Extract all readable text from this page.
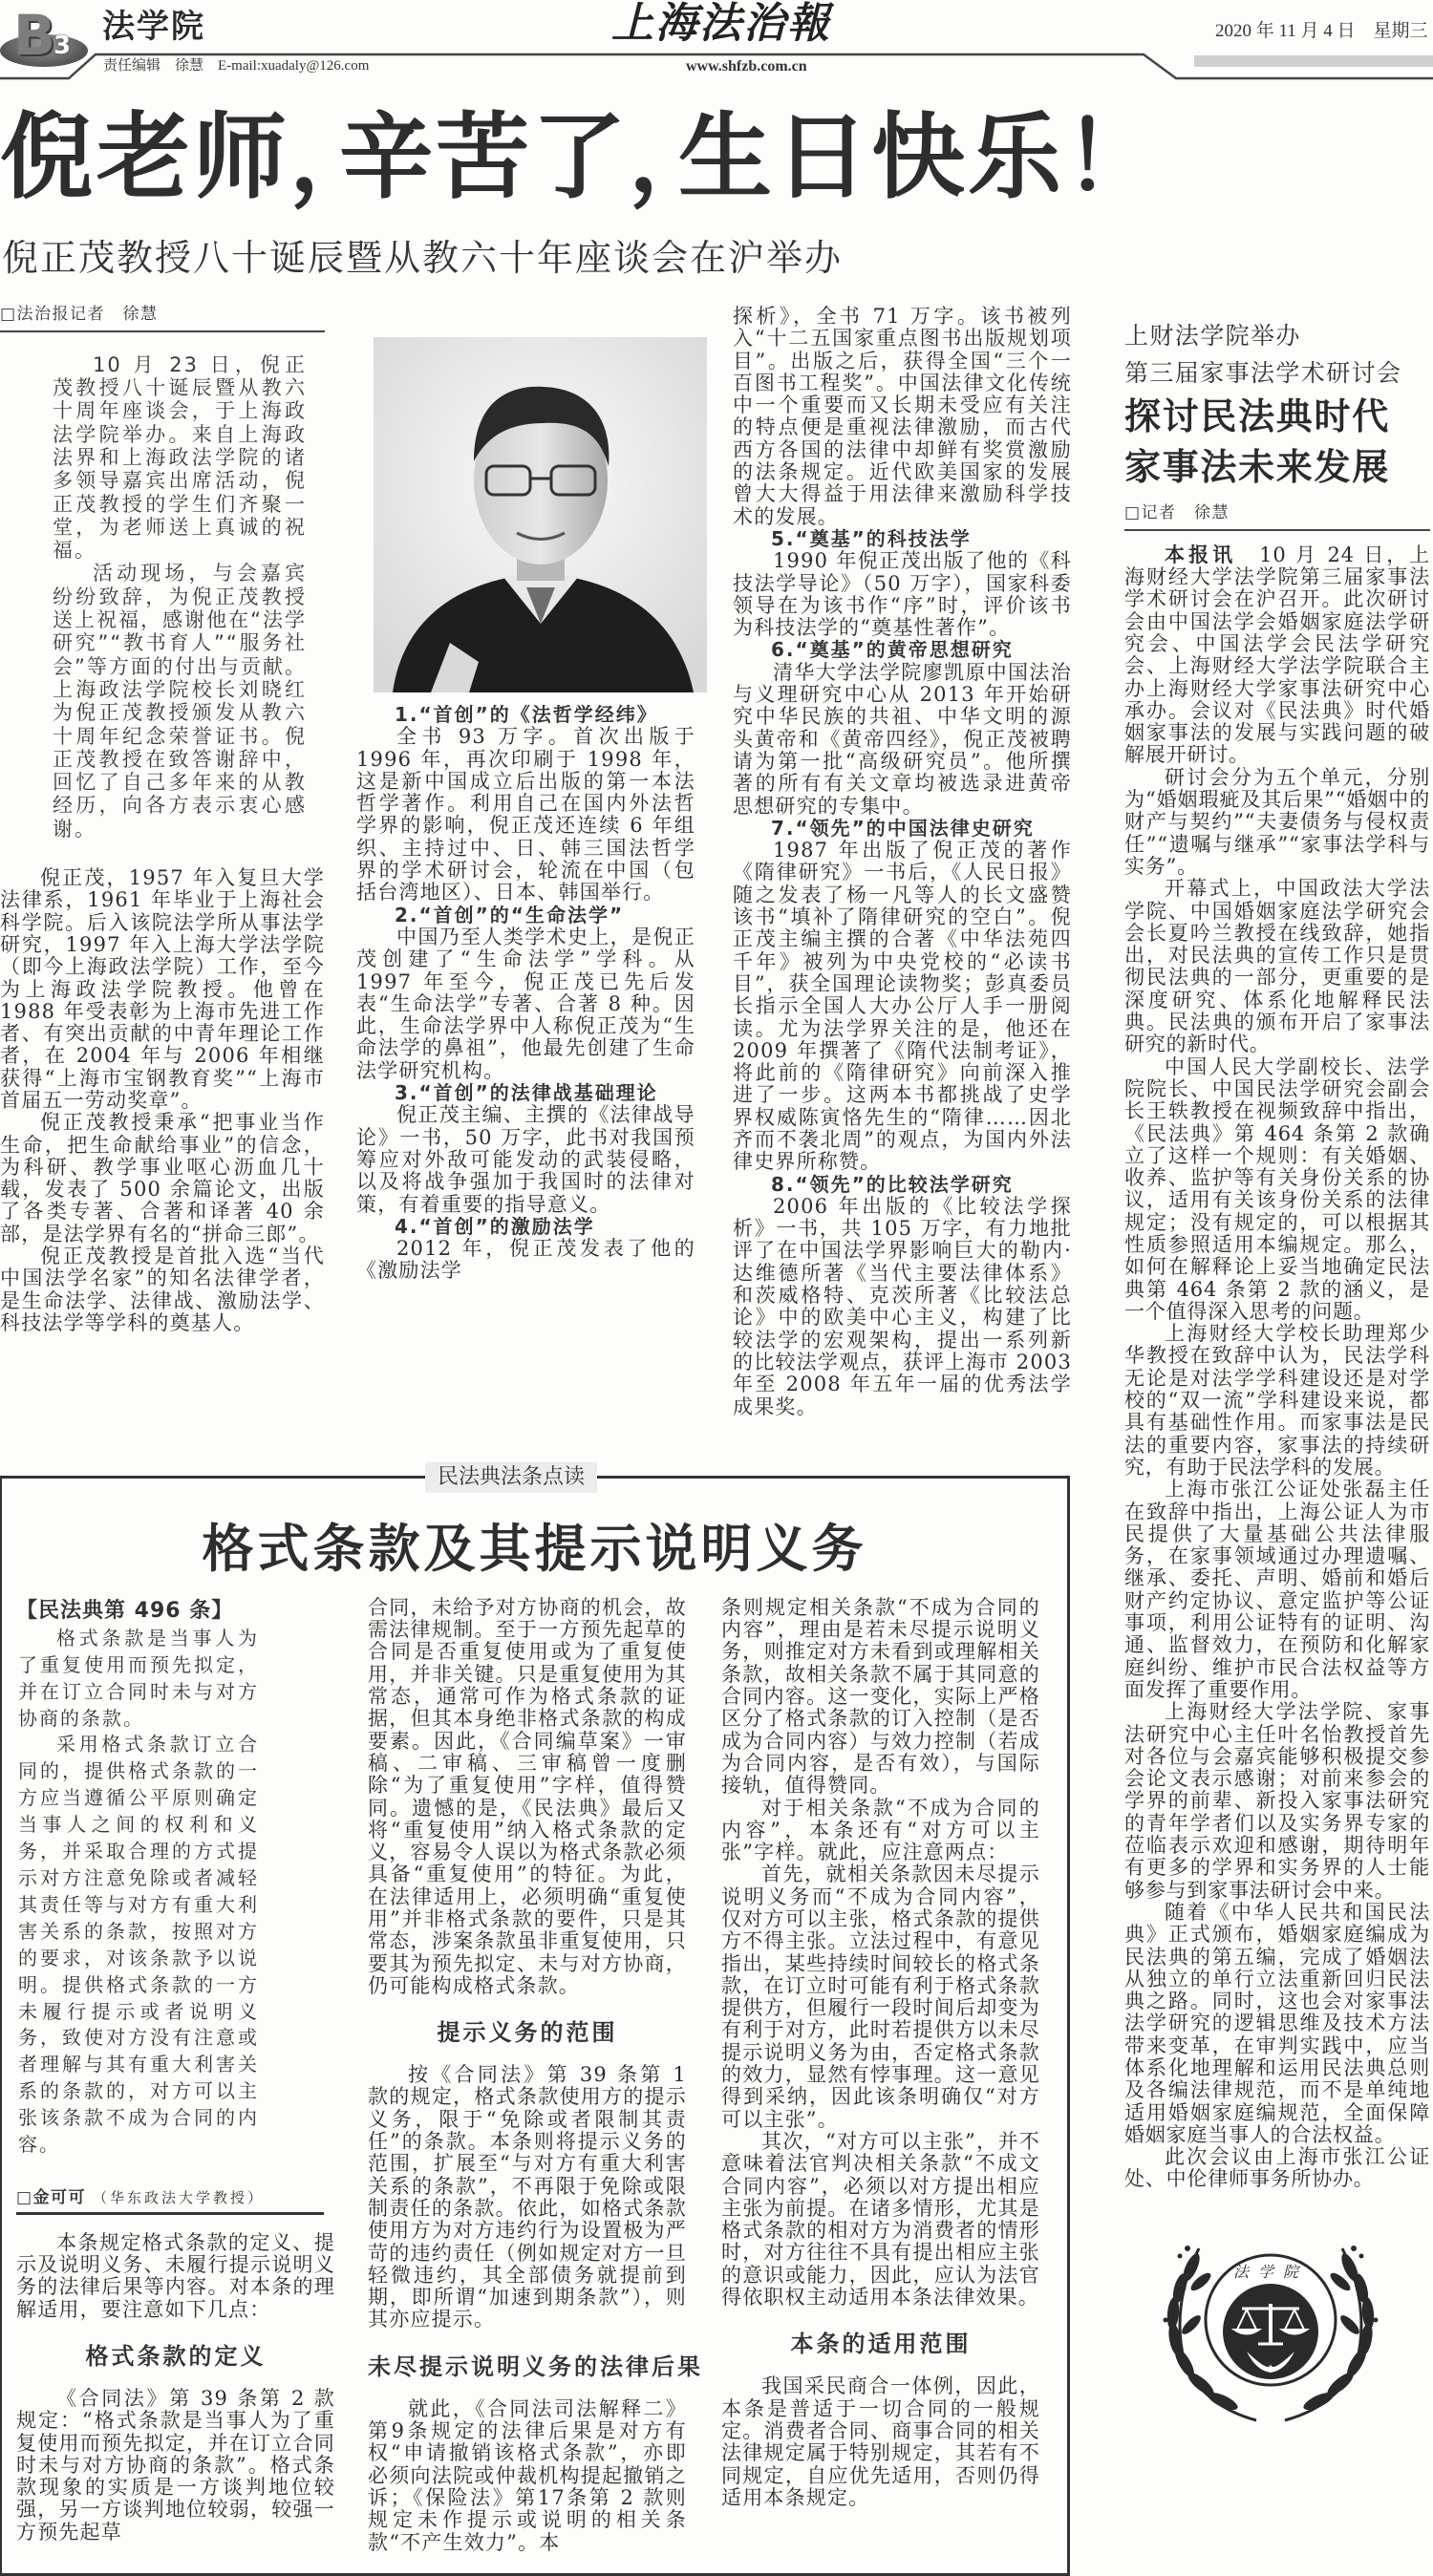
B
3 法学院	上海法治報	2020 年 11 月 4 日　星期三
责任编辑　徐慧　E-mail:xuadaly@126.com	www.shfzb.com.cn
倪老师，辛苦了，生日快乐！
倪正茂教授八十诞辰暨从教六十年座谈会在沪举办
□法治报记者　徐慧

10 月 23 日，倪正茂教授八十诞辰暨从教六十周年座谈会，于上海政法学院举办。来自上海政法界和上海政法学院的诸多领导嘉宾出席活动，倪正茂教授的学生们齐聚一堂，为老师送上真诚的祝福。

活动现场，与会嘉宾纷纷致辞，为倪正茂教授送上祝福，感谢他在“法学研究”“教书育人”“服务社会”等方面的付出与贡献。上海政法学院校长刘晓红为倪正茂教授颁发从教六十周年纪念荣誉证书。倪正茂教授在致答谢辞中，回忆了自己多年来的从教经历，向各方表示衷心感谢。

倪正茂，1957 年入复旦大学法律系，1961 年毕业于上海社会科学院。后入该院法学所从事法学研究，1997 年入上海大学法学院（即今上海政法学院）工作，至今为上海政法学院教授。他曾在 1988 年受表彰为上海市先进工作者、有突出贡献的中青年理论工作者，在 2004 年与 2006 年相继获得“上海市宝钢教育奖”“上海市首届五一劳动奖章”。

倪正茂教授秉承“把事业当作生命，把生命献给事业”的信念，为科研、教学事业呕心沥血几十载，发表了 500 余篇论文，出版了各类专著、合著和译著 40 余部，是法学界有名的“拼命三郎”。

倪正茂教授是首批入选“当代中国法学名家”的知名法律学者，是生命法学、法律战、激励法学、科技法学等学科的奠基人。

1.“首创”的《法哲学经纬》

全书 93 万字。首次出版于 1996 年，再次印刷于 1998 年，这是新中国成立后出版的第一本法哲学著作。利用自己在国内外法哲学界的影响，倪正茂还连续 6 年组织、主持过中、日、韩三国法哲学界的学术研讨会，轮流在中国（包括台湾地区）、日本、韩国举行。

2.“首创”的“生命法学”

中国乃至人类学术史上，是倪正茂创建了“生命法学”学科。从 1997 年至今，倪正茂已先后发表“生命法学”专著、合著 8 种。因此，生命法学界中人称倪正茂为“生命法学的鼻祖”，他最先创建了生命法学研究机构。

3.“首创”的法律战基础理论

倪正茂主编、主撰的《法律战导论》一书，50 万字，此书对我国预筹应对外敌可能发动的武装侵略，以及将战争强加于我国时的法律对策，有着重要的指导意义。

4.“首创”的激励法学

2012 年，倪正茂发表了他的《激励法学

探析》，全书 71 万字。该书被列入“十二五国家重点图书出版规划项目”。出版之后，获得全国“三个一百图书工程奖”。中国法律文化传统中一个重要而又长期未受应有关注的特点便是重视法律激励，而古代西方各国的法律中却鲜有奖赏激励的法条规定。近代欧美国家的发展曾大大得益于用法律来激励科学技术的发展。

5.“奠基”的科技法学

1990 年倪正茂出版了他的《科技法学导论》（50 万字），国家科委领导在为该书作“序”时，评价该书为科技法学的“奠基性著作”。

6.“奠基”的黄帝思想研究

清华大学法学院廖凯原中国法治与义理研究中心从 2013 年开始研究中华民族的共祖、中华文明的源头黄帝和《黄帝四经》，倪正茂被聘请为第一批“高级研究员”。他所撰著的所有有关文章均被选录进黄帝思想研究的专集中。

7.“领先”的中国法律史研究

1987 年出版了倪正茂的著作《隋律研究》一书后，《人民日报》随之发表了杨一凡等人的长文盛赞该书“填补了隋律研究的空白”。倪正茂主编主撰的合著《中华法苑四千年》被列为中央党校的“必读书目”，获全国理论读物奖；彭真委员长指示全国人大办公厅人手一册阅读。尤为法学界关注的是，他还在 2009 年撰著了《隋代法制考证》，将此前的《隋律研究》向前深入推进了一步。这两本书都挑战了史学界权威陈寅恪先生的“隋律……因北齐而不袭北周”的观点，为国内外法律史界所称赞。

8.“领先”的比较法学研究

2006 年出版的《比较法学探析》一书，共 105 万字，有力地批评了在中国法学界影响巨大的勒内·达维德所著《当代主要法律体系》和茨威格特、克茨所著《比较法总论》中的欧美中心主义，构建了比较法学的宏观架构，提出一系列新的比较法学观点，获评上海市 2003 年至 2008 年五年一届的优秀法学成果奖。

民法典法条点读
格式条款及其提示说明义务
【民法典第 496 条】

格式条款是当事人为了重复使用而预先拟定，并在订立合同时未与对方协商的条款。

采用格式条款订立合同的，提供格式条款的一方应当遵循公平原则确定当事人之间的权利和义务，并采取合理的方式提示对方注意免除或者减轻其责任等与对方有重大利害关系的条款，按照对方的要求，对该条款予以说明。提供格式条款的一方未履行提示或者说明义务，致使对方没有注意或者理解与其有重大利害关系的条款的，对方可以主张该条款不成为合同的内容。

□金可可 （华东政法大学教授）

本条规定格式条款的定义、提示及说明义务、未履行提示说明义务的法律后果等内容。对本条的理解适用，要注意如下几点：

格式条款的定义

《合同法》第 39 条第 2 款规定：“格式条款是当事人为了重复使用而预先拟定，并在订立合同时未与对方协商的条款”。格式条款现象的实质是一方谈判地位较强，另一方谈判地位较弱，较强一方预先起草

合同，未给予对方协商的机会，故需法律规制。至于一方预先起草的合同是否重复使用或为了重复使用，并非关键。只是重复使用为其常态，通常可作为格式条款的证据，但其本身绝非格式条款的构成要素。因此，《合同编草案》一审稿、二审稿、三审稿曾一度删除“为了重复使用”字样，值得赞同。遗憾的是，《民法典》最后又将“重复使用”纳入格式条款的定义，容易令人误以为格式条款必须具备“重复使用”的特征。为此，在法律适用上，必须明确“重复使用”并非格式条款的要件，只是其常态，涉案条款虽非重复使用，只要其为预先拟定、未与对方协商，仍可能构成格式条款。

提示义务的范围

按《合同法》第 39 条第 1 款的规定，格式条款使用方的提示义务，限于“免除或者限制其责任”的条款。本条则将提示义务的范围，扩展至“与对方有重大利害关系的条款”，不再限于免除或限制责任的条款。依此，如格式条款使用方为对方违约行为设置极为严苛的违约责任（例如规定对方一旦轻微违约，其全部债务就提前到期，即所谓“加速到期条款”），则其亦应提示。

未尽提示说明义务的法律后果

就此，《合同法司法解释二》第9条规定的法律后果是对方有权“申请撤销该格式条款”，亦即必须向法院或仲裁机构提起撤销之诉；《保险法》第17条第 2 款则规定未作提示或说明的相关条款“不产生效力”。本

条则规定相关条款“不成为合同的内容”，理由是若未尽提示说明义务，则推定对方未看到或理解相关条款，故相关条款不属于其同意的合同内容。这一变化，实际上严格区分了格式条款的订入控制（是否成为合同内容）与效力控制（若成为合同内容，是否有效），与国际接轨，值得赞同。

对于相关条款“不成为合同的内容”，本条还有“对方可以主张”字样。就此，应注意两点：

首先，就相关条款因未尽提示说明义务而“不成为合同内容”，仅对方可以主张，格式条款的提供方不得主张。立法过程中，有意见指出，某些持续时间较长的格式条款，在订立时可能有利于格式条款提供方，但履行一段时间后却变为有利于对方，此时若提供方以未尽提示说明义务为由，否定格式条款的效力，显然有悖事理。这一意见得到采纳，因此该条明确仅“对方可以主张”。

其次，“对方可以主张”，并不意味着法官判决相关条款“不成文合同内容”，必须以对方提出相应主张为前提。在诸多情形，尤其是格式条款的相对方为消费者的情形时，对方往往不具有提出相应主张的意识或能力，因此，应认为法官得依职权主动适用本条法律效果。

本条的适用范围

我国采民商合一体例，因此，本条是普适于一切合同的一般规定。消费者合同、商事合同的相关法律规定属于特别规定，其若有不同规定，自应优先适用，否则仍得适用本条规定。

上财法学院举办
第三届家事法学术研讨会
探讨民法典时代
家事法未来发展
□记者　徐慧

本报讯　 10 月 24 日，上海财经大学法学院第三届家事法学术研讨会在沪召开。此次研讨会由中国法学会婚姻家庭法学研究会、中国法学会民法学研究会、上海财经大学法学院联合主办上海财经大学家事法研究中心承办。会议对《民法典》时代婚姻家事法的发展与实践问题的破解展开研讨。

研讨会分为五个单元，分别为“婚姻瑕疵及其后果”“婚姻中的财产与契约”“夫妻债务与侵权责任”“遗嘱与继承”“家事法学科与实务”。

开幕式上，中国政法大学法学院、中国婚姻家庭法学研究会会长夏吟兰教授在线致辞，她指出，对民法典的宣传工作只是贯彻民法典的一部分，更重要的是深度研究、体系化地解释民法典。民法典的颁布开启了家事法研究的新时代。

中国人民大学副校长、法学院院长、中国民法学研究会副会长王轶教授在视频致辞中指出，《民法典》第 464 条第 2 款确立了这样一个规则：有关婚姻、收养、监护等有关身份关系的协议，适用有关该身份关系的法律规定；没有规定的，可以根据其性质参照适用本编规定。那么，如何在解释论上妥当地确定民法典第 464 条第 2 款的涵义，是一个值得深入思考的问题。

上海财经大学校长助理郑少华教授在致辞中认为，民法学科无论是对法学学科建设还是对学校的“双一流”学科建设来说，都具有基础性作用。而家事法是民法的重要内容，家事法的持续研究，有助于民法学科的发展。

上海市张江公证处张磊主任在致辞中指出，上海公证人为市民提供了大量基础公共法律服务，在家事领域通过办理遗嘱、继承、委托、声明、婚前和婚后财产约定协议、意定监护等公证事项，利用公证特有的证明、沟通、监督效力，在预防和化解家庭纠纷、维护市民合法权益等方面发挥了重要作用。

上海财经大学法学院、家事法研究中心主任叶名怡教授首先对各位与会嘉宾能够积极提交参会论文表示感谢；对前来参会的学界的前辈、新投入家事法研究的青年学者们以及实务界专家的莅临表示欢迎和感谢，期待明年有更多的学界和实务界的人士能够参与到家事法研讨会中来。

随着《中华人民共和国民法典》正式颁布，婚姻家庭编成为民法典的第五编，完成了婚姻法从独立的单行立法重新回归民法典之路。同时，这也会对家事法法学研究的逻辑思维及技术方法带来变革，在审判实践中，应当体系化地理解和运用民法典总则及各编法律规范，而不是单纯地适用婚姻家庭编规范，全面保障婚姻家庭当事人的合法权益。

此次会议由上海市张江公证处、中伦律师事务所协办。

法学院
